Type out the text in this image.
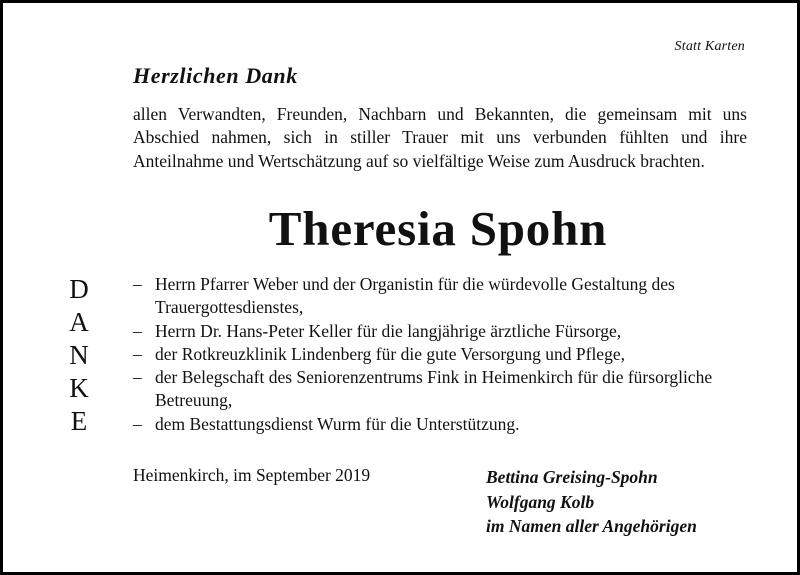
Statt Karten
Herzlichen Dank

allen Verwandten, Freunden, Nachbarn und Bekannten, die gemeinsam mit uns Abschied nahmen, sich in stiller Trauer mit uns verbunden fühlten und ihre Anteilnahme und Wertschätzung auf so vielfältige Weise zum Ausdruck brachten.

Theresia Spohn
D
A
N
K
E
– Herrn Pfarrer Weber und der Organistin für die würdevolle Gestaltung des Trauergottesdienstes,
– Herrn Dr. Hans-Peter Keller für die langjährige ärztliche Fürsorge,
– der Rotkreuzklinik Lindenberg für die gute Versorgung und Pflege,
– der Belegschaft des Seniorenzentrums Fink in Heimenkirch für die fürsorgliche Betreuung,
– dem Bestattungsdienst Wurm für die Unterstützung.
Heimenkirch, im September 2019	Bettina Greising-Spohn
Wolfgang Kolb
im Namen aller Angehörigen
